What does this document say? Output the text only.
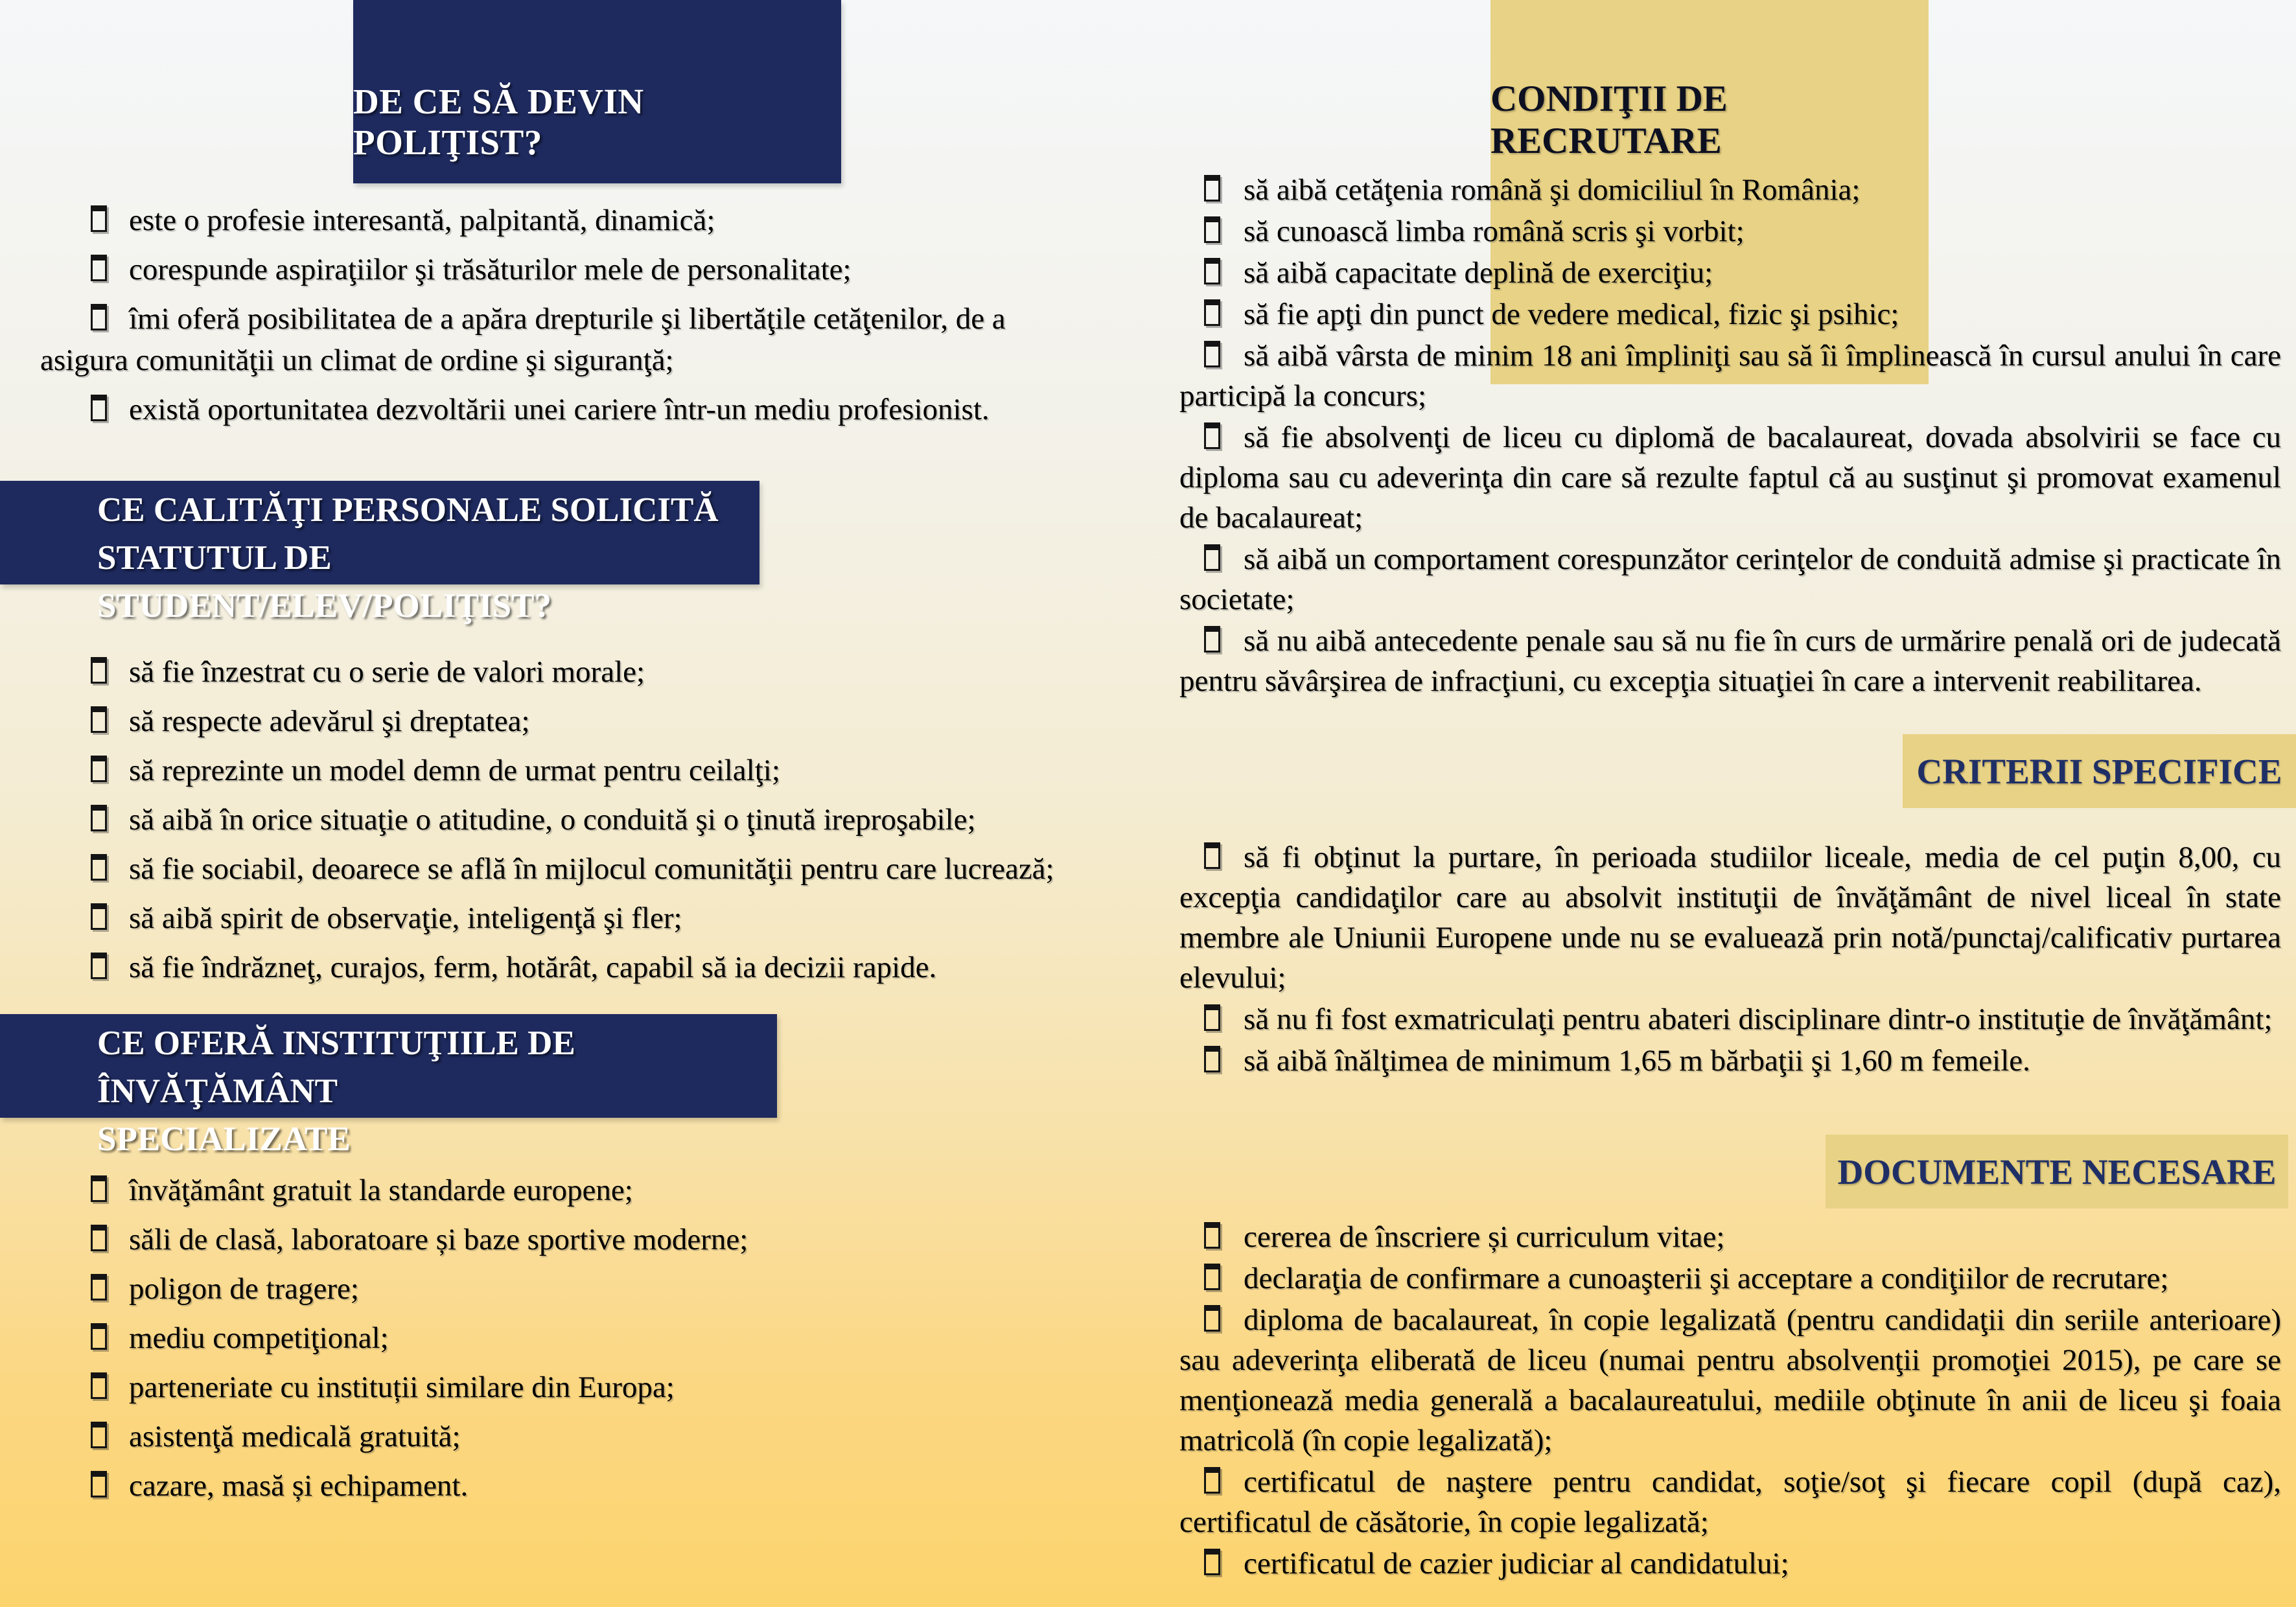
DE CE SĂ DEVIN POLIŢIST?
este o profesie interesantă, palpitantă, dinamică;
corespunde aspiraţiilor şi trăsăturilor mele de personalitate;
îmi oferă posibilitatea de a apăra drepturile şi libertăţile cetăţenilor, de a asigura comunităţii un climat de ordine şi siguranţă;
există oportunitatea dezvoltării unei cariere într-un mediu profesionist.
CE CALITĂŢI PERSONALE SOLICITĂ
STATUTUL DE STUDENT/ELEV/POLIŢIST?
să fie înzestrat cu o serie de valori morale;
să respecte adevărul şi dreptatea;
să reprezinte un model demn de urmat pentru ceilalţi;
să aibă în orice situaţie o atitudine, o conduită şi o ţinută ireproşabile;
să fie sociabil, deoarece se află în mijlocul comunităţii pentru care lucrează;
să aibă spirit de observaţie, inteligenţă şi fler;
să fie îndrăzneţ, curajos, ferm, hotărât, capabil să ia decizii rapide.
CE OFERĂ INSTITUŢIILE DE ÎNVĂŢĂMÂNT
SPECIALIZATE
învăţământ gratuit la standarde europene;
săli de clasă, laboratoare și baze sportive moderne;
poligon de tragere;
mediu competiţional;
parteneriate cu instituții similare din Europa;
asistenţă medicală gratuită;
cazare, masă și echipament.
CONDIŢII DE RECRUTARE
să aibă cetăţenia română şi domiciliul în România;
să cunoască limba română scris şi vorbit;
să aibă capacitate deplină de exerciţiu;
să fie apţi din punct de vedere medical, fizic şi psihic;
să aibă vârsta de minim 18 ani împliniţi sau să îi împlinească în cursul anului în care participă la concurs;
să fie absolvenţi de liceu cu diplomă de bacalaureat, dovada absolvirii se face cu diploma sau cu adeverinţa din care să rezulte faptul că au susţinut şi promovat examenul de bacalaureat;
să aibă un comportament corespunzător cerinţelor de conduită admise şi practicate în societate;
să nu aibă antecedente penale sau să nu fie în curs de urmărire penală ori de judecată pentru săvârşirea de infracţiuni, cu excepţia situaţiei în care a intervenit reabilitarea.
CRITERII SPECIFICE
să fi obţinut la purtare, în perioada studiilor liceale, media de cel puţin 8,00, cu excepţia candidaţilor care au absolvit instituţii de învăţământ de nivel liceal în state membre ale Uniunii Europene unde nu se evaluează prin notă/punctaj/calificativ purtarea elevului;
să nu fi fost exmatriculaţi pentru abateri disciplinare dintr-o instituţie de învăţământ;
să aibă înălţimea de minimum 1,65 m bărbaţii şi 1,60 m femeile.
DOCUMENTE NECESARE
cererea de înscriere și curriculum vitae;
declaraţia de confirmare a cunoaşterii şi acceptare a condiţiilor de recrutare;
diploma de bacalaureat, în copie legalizată (pentru candidaţii din seriile anterioare) sau adeverinţa eliberată de liceu (numai pentru absolvenţii promoţiei 2015), pe care se menţionează media generală a bacalaureatului, mediile obţinute în anii de liceu şi foaia matricolă (în copie legalizată);
certificatul de naştere pentru candidat, soţie/soţ şi fiecare copil (după caz), certificatul de căsătorie, în copie legalizată;
certificatul de cazier judiciar al candidatului;
